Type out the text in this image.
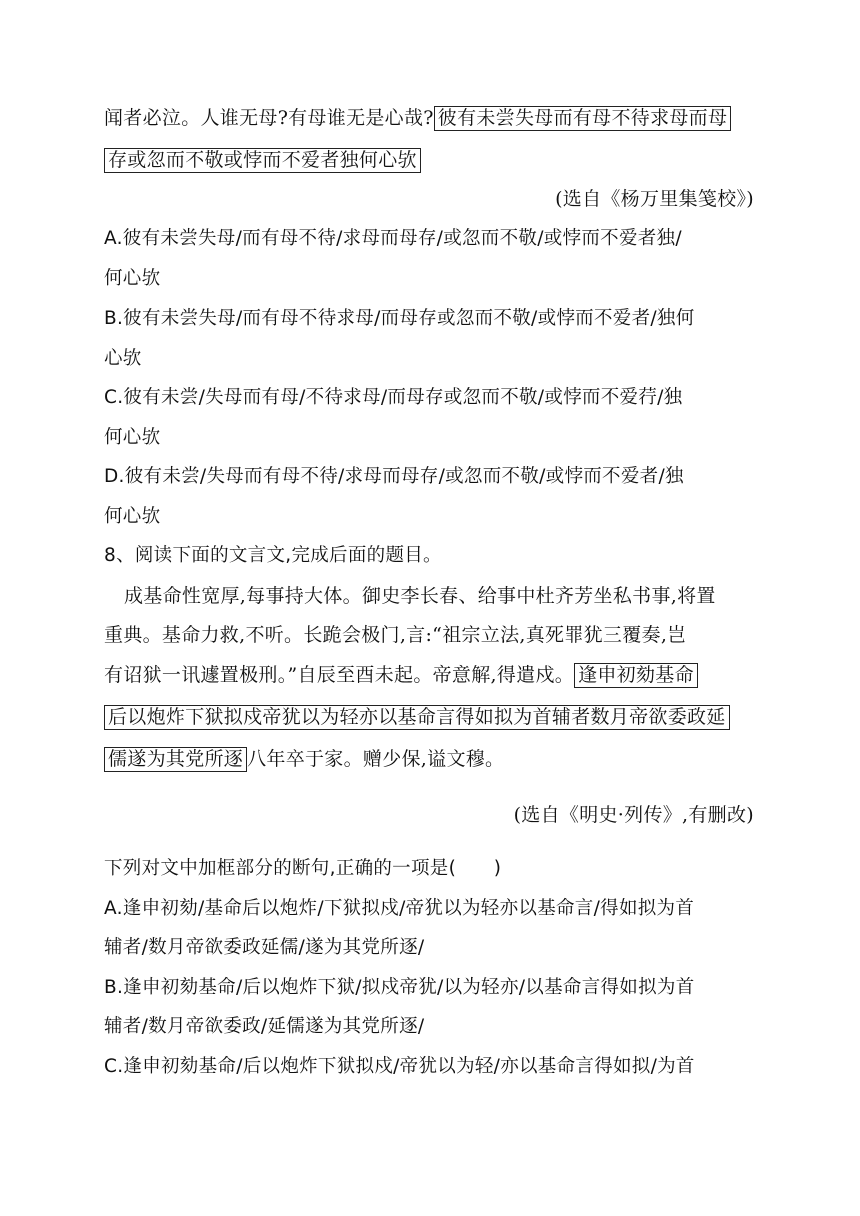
闻者必泣。人谁无母?有母谁无是心哉? 彼有未尝失母而有母不待求母而母
存或忽而不敬或悖而不爱者独何心欤
(选自《杨万里集笺校》)
A.彼有未尝失母/而有母不待/求母而母存/或忽而不敬/或悖而不爱者独/
何心欤
B.彼有未尝失母/而有母不待求母/而母存或忽而不敬/或悖而不爱者/独何
心欤
C.彼有未尝/失母而有母/不待求母/而母存或忽而不敬/或悖而不爱荇/独
何心欤
D.彼有未尝/失母而有母不待/求母而母存/或忽而不敬/或悖而不爱者/独
何心欤
8、阅读下面的文言文,完成后面的题目。
成基命性宽厚,每事持大体。御史李长春、给事中杜齐芳坐私书事,将置
重典。基命力救,不听。长跪会极门,言:“祖宗立法,真死罪犹三覆奏,岂
有诏狱一讯遽置极刑。”自辰至酉未起。帝意解,得遣戍。 逢申初劾基命
后以炮炸下狱拟戍帝犹以为轻亦以基命言得如拟为首辅者数月帝欲委政延
儒遂为其党所逐 八年卒于家。赠少保,谥文穆。
(选自《明史·列传》,有删改)
下列对文中加框部分的断句,正确的一项是(　　)
A.逢申初劾/基命后以炮炸/下狱拟戍/帝犹以为轻亦以基命言/得如拟为首
辅者/数月帝欲委政延儒/遂为其党所逐/
B.逢申初劾基命/后以炮炸下狱/拟戍帝犹/以为轻亦/以基命言得如拟为首
辅者/数月帝欲委政/延儒遂为其党所逐/
C.逢申初劾基命/后以炮炸下狱拟戍/帝犹以为轻/亦以基命言得如拟/为首
